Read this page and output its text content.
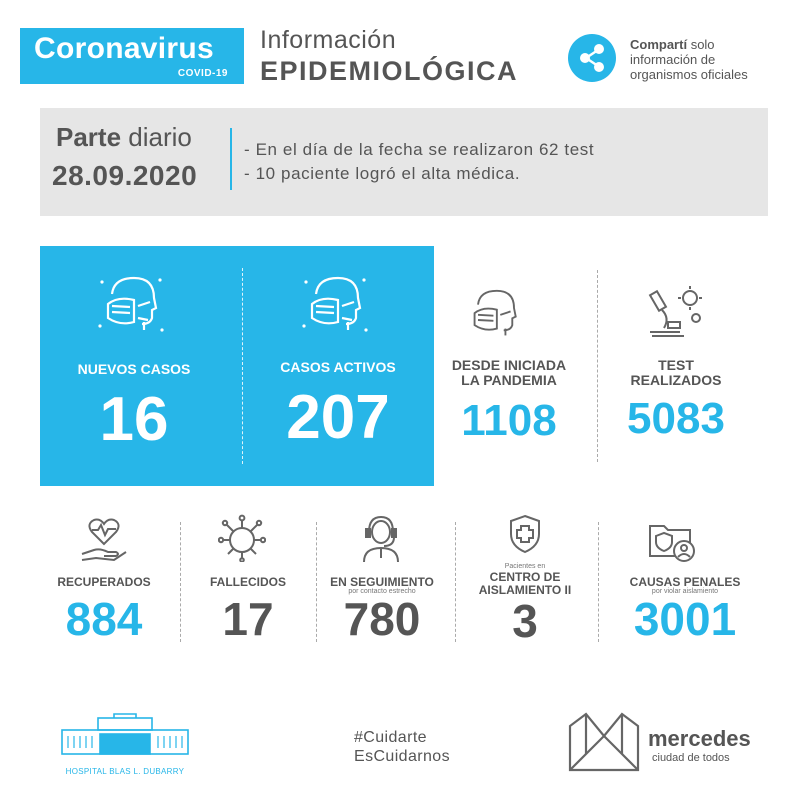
Coronavirus
COVID-19
Información
EPIDEMIOLÓGICA
Compartí solo
información de
organismos oficiales
Parte diario
28.09.2020
- En el día de la fecha se realizaron 62 test
- 10 paciente logró el alta médica.
NUEVOS CASOS
16
CASOS ACTIVOS
207
DESDE INICIADA
LA PANDEMIA
1108
TEST
REALIZADOS
5083
RECUPERADOS
884
FALLECIDOS
17
EN SEGUIMIENTO
por contacto estrecho
780
Pacientes en
CENTRO DE
AISLAMIENTO II
3
CAUSAS PENALES
por violar aislamiento
3001
HOSPITAL BLAS L. DUBARRY
#Cuidarte
EsCuidarnos
mercedes
ciudad de todos
